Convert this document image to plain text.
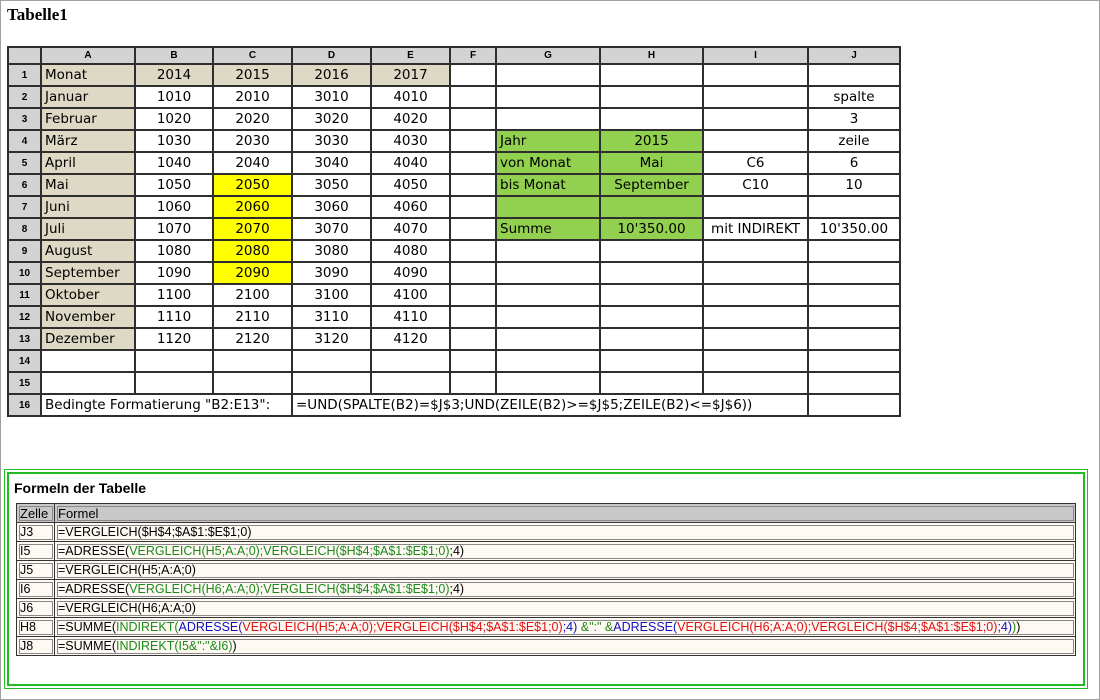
Tabelle1
	A	B	C	D	E	F	G	H	I	J
1	Monat	2014	2015	2016	2017					
2	Januar	1010	2010	3010	4010					spalte
3	Februar	1020	2020	3020	4020					3
4	März	1030	2030	3030	4030		Jahr	2015		zeile
5	April	1040	2040	3040	4040		von Monat	Mai	C6	6
6	Mai	1050	2050	3050	4050		bis Monat	September	C10	10
7	Juni	1060	2060	3060	4060					
8	Juli	1070	2070	3070	4070		Summe	10'350.00	mit INDIREKT	10'350.00
9	August	1080	2080	3080	4080					
10	September	1090	2090	3090	4090					
11	Oktober	1100	2100	3100	4100					
12	November	1110	2110	3110	4110					
13	Dezember	1120	2120	3120	4120					
14										
15										
16	Bedingte Formatierung "B2:E13":			=UND(SPALTE(B2)=$J$3;UND(ZEILE(B2)>=$J$5;ZEILE(B2)<=$J$6))						
Formeln der Tabelle
Zelle	Formel
J3	=VERGLEICH($H$4;$A$1:$E$1;0)
I5	=ADRESSE(VERGLEICH(H5;A:A;0);VERGLEICH($H$4;$A$1:$E$1;0);4)
J5	=VERGLEICH(H5;A:A;0)
I6	=ADRESSE(VERGLEICH(H6;A:A;0);VERGLEICH($H$4;$A$1:$E$1;0);4)
J6	=VERGLEICH(H6;A:A;0)
H8	=SUMME(INDIREKT(ADRESSE(VERGLEICH(H5;A:A;0);VERGLEICH($H$4;$A$1:$E$1;0);4) &":" &ADRESSE(VERGLEICH(H6;A:A;0);VERGLEICH($H$4;$A$1:$E$1;0);4)))
J8	=SUMME(INDIREKT(I5&":"&I6))
